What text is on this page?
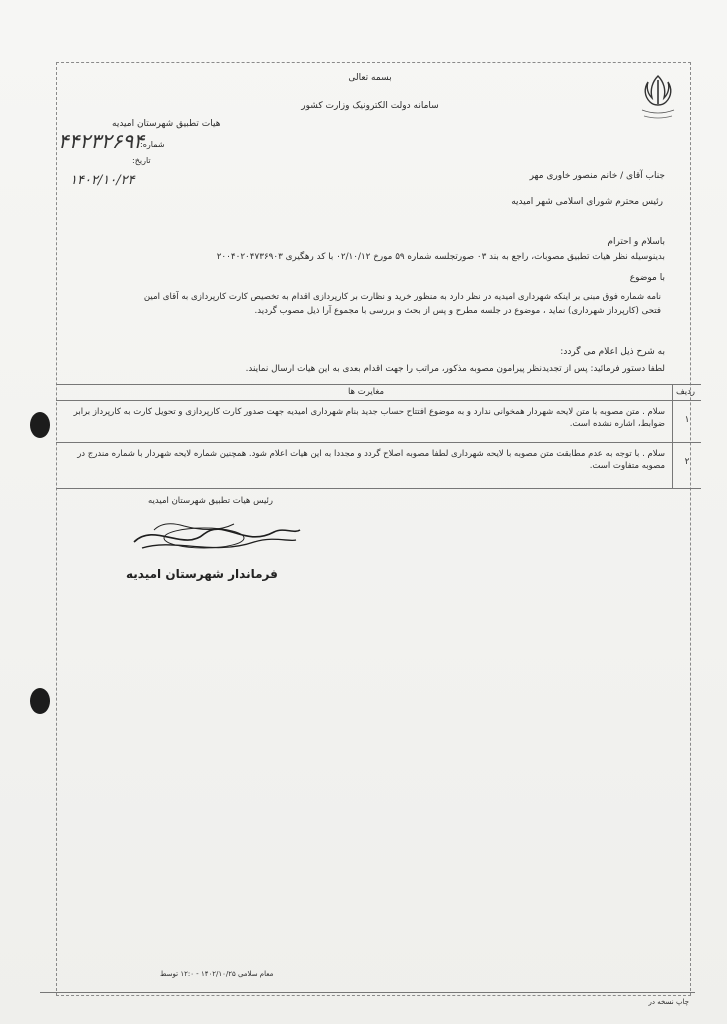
بسمه تعالی
سامانه دولت الکترونیک وزارت کشور
هیات تطبیق شهرستان امیدیه
شماره:
۴۴۲۳۲۶۹۴
تاریخ:
۱۴۰۲/۱۰/۲۴	جناب آقای / خانم منصور خاوری مهر
رئیس محترم شورای اسلامی شهر امیدیه
باسلام و احترام
بدینوسیله نظر هیات تطبیق مصوبات، راجع به بند ۰۳ صورتجلسه شماره ۵۹ مورخ ۰۲/۱۰/۱۲ با کد رهگیری ۲۰۰۴۰۲۰۴۷۳۶۹۰۳
با موضوع
نامه شماره فوق مبنی بر اینکه شهرداری امیدیه در نظر دارد به منظور خرید و نظارت بر کارپردازی اقدام به تخصیص کارت کارپردازی به آقای امین
فتحی (کارپرداز شهرداری) نماید ، موضوع در جلسه مطرح و پس از بحث و بررسی با مجموع آرا ذیل مصوب گردید.
به شرح ذیل اعلام می گردد:
لطفا دستور فرمائید: پس از تجدیدنظر پیرامون مصوبه مذکور، مراتب را جهت اقدام بعدی به این هیات ارسال نمایند.
ردیف
مغایرت ها
۱
سلام . متن مصوبه با متن لایحه شهردار همخوانی ندارد و به موضوع افتتاح حساب جدید بنام شهرداری امیدیه جهت صدور کارت کارپردازی و تحویل کارت به کارپرداز برابر ضوابط، اشاره نشده است.
۲
سلام . با توجه به عدم مطابقت متن مصوبه با لایحه شهرداری لطفا مصوبه اصلاح گردد و مجددا به این هیات اعلام شود. همچنین شماره لایحه شهردار با شماره مندرج در مصوبه متفاوت است.
رئیس هیات تطبیق شهرستان امیدیه
فرماندار شهرستان امیدیه
معام سلامی ۱۴۰۲/۱۰/۲۵ - ۱۲:۰ توسط
چاپ نسخه در
